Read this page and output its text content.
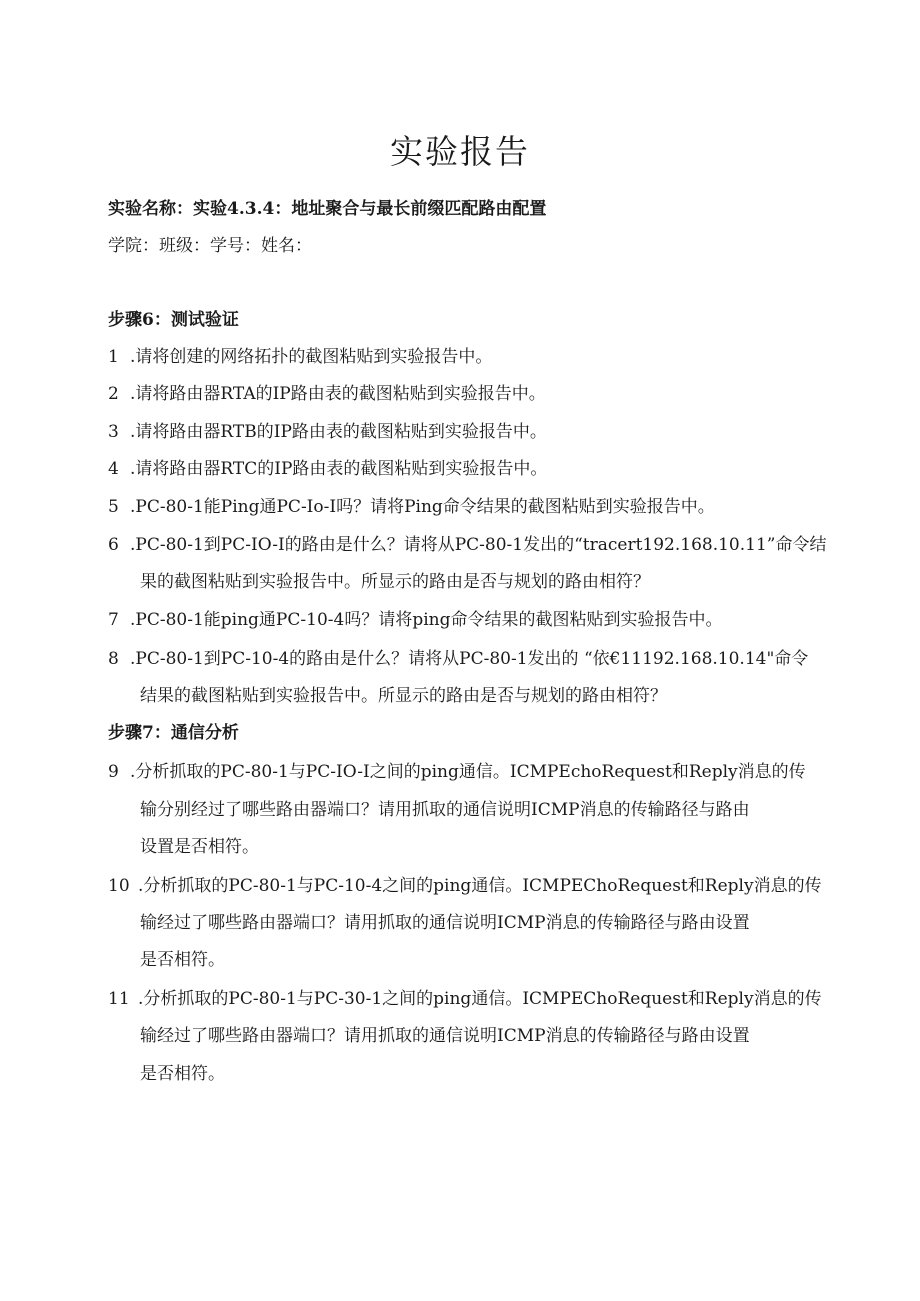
实验报告
实验名称：实验4.3.4：地址聚合与最长前缀匹配路由配置
学院：班级：学号：姓名：
步骤6：测试验证
1 .请将创建的网络拓扑的截图粘贴到实验报告中。
2 .请将路由器RTA的IP路由表的截图粘贴到实验报告中。
3 .请将路由器RTB的IP路由表的截图粘贴到实验报告中。
4 .请将路由器RTC的IP路由表的截图粘贴到实验报告中。
5 .PC-80-1能Ping通PC-Io-I吗？请将Ping命令结果的截图粘贴到实验报告中。
6 .PC-80-1到PC-IO-I的路由是什么？请将从PC-80-1发出的“tracert192.168.10.11”命令结
果的截图粘贴到实验报告中。所显示的路由是否与规划的路由相符？
7 .PC-80-1能ping通PC-10-4吗？请将ping命令结果的截图粘贴到实验报告中。
8 .PC-80-1到PC-10-4的路由是什么？请将从PC-80-1发出的 “依€11192.168.10.14"命令
结果的截图粘贴到实验报告中。所显示的路由是否与规划的路由相符？
步骤7：通信分析
9 .分析抓取的PC-80-1与PC-IO-I之间的ping通信。ICMPEchoRequest和Reply消息的传
输分别经过了哪些路由器端口？请用抓取的通信说明ICMP消息的传输路径与路由
设置是否相符。
10 .分析抓取的PC-80-1与PC-10-4之间的ping通信。ICMPEChoRequest和Reply消息的传
输经过了哪些路由器端口？请用抓取的通信说明ICMP消息的传输路径与路由设置
是否相符。
11 .分析抓取的PC-80-1与PC-30-1之间的ping通信。ICMPEChoRequest和Reply消息的传
输经过了哪些路由器端口？请用抓取的通信说明ICMP消息的传输路径与路由设置
是否相符。
